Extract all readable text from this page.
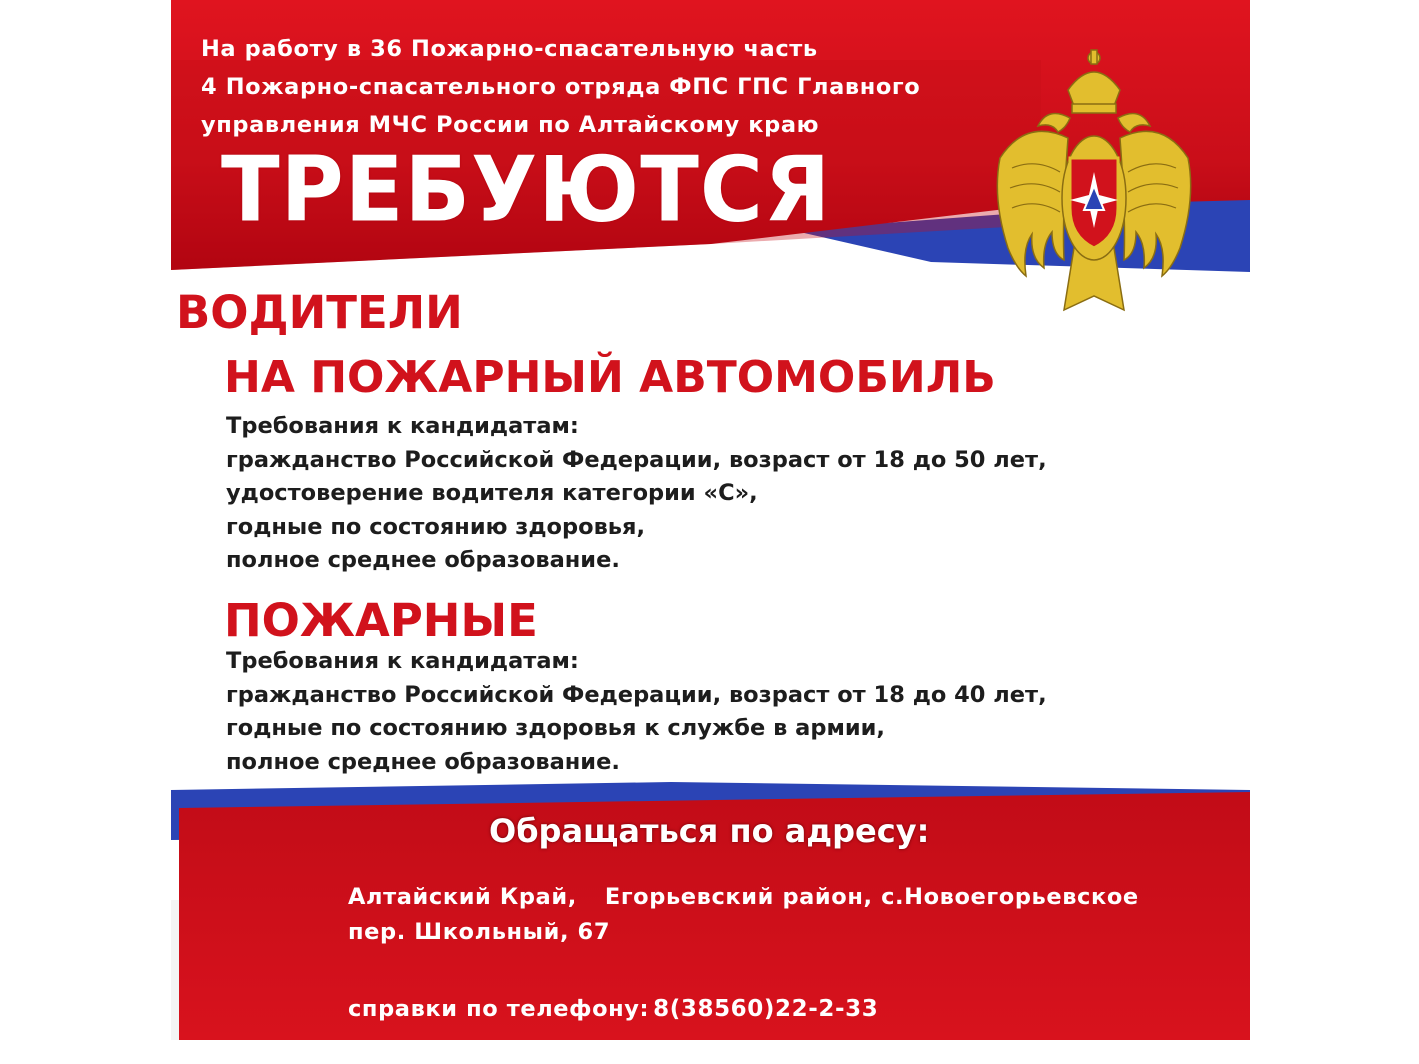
На работу в 36 Пожарно-спасательную часть
4 Пожарно-спасательного отряда ФПС ГПС Главного
управления МЧС России по Алтайскому краю
ТРЕБУЮТСЯ
ВОДИТЕЛИ
НА ПОЖАРНЫЙ АВТОМОБИЛЬ
Требования к кандидатам:
гражданство Российской Федерации, возраст от 18 до 50 лет,
удостоверение водителя категории «С»,
годные по состоянию здоровья,
полное среднее образование.
ПОЖАРНЫЕ
Требования к кандидатам:
гражданство Российской Федерации, возраст от 18 до 40 лет,
годные по состоянию здоровья к службе в армии,
полное среднее образование.
Обращаться по адресу:
Алтайский Край, Егорьевский район, с.Новоегорьевское
пер. Школьный, 67
справки по телефону: 8(38560)22-2-33
